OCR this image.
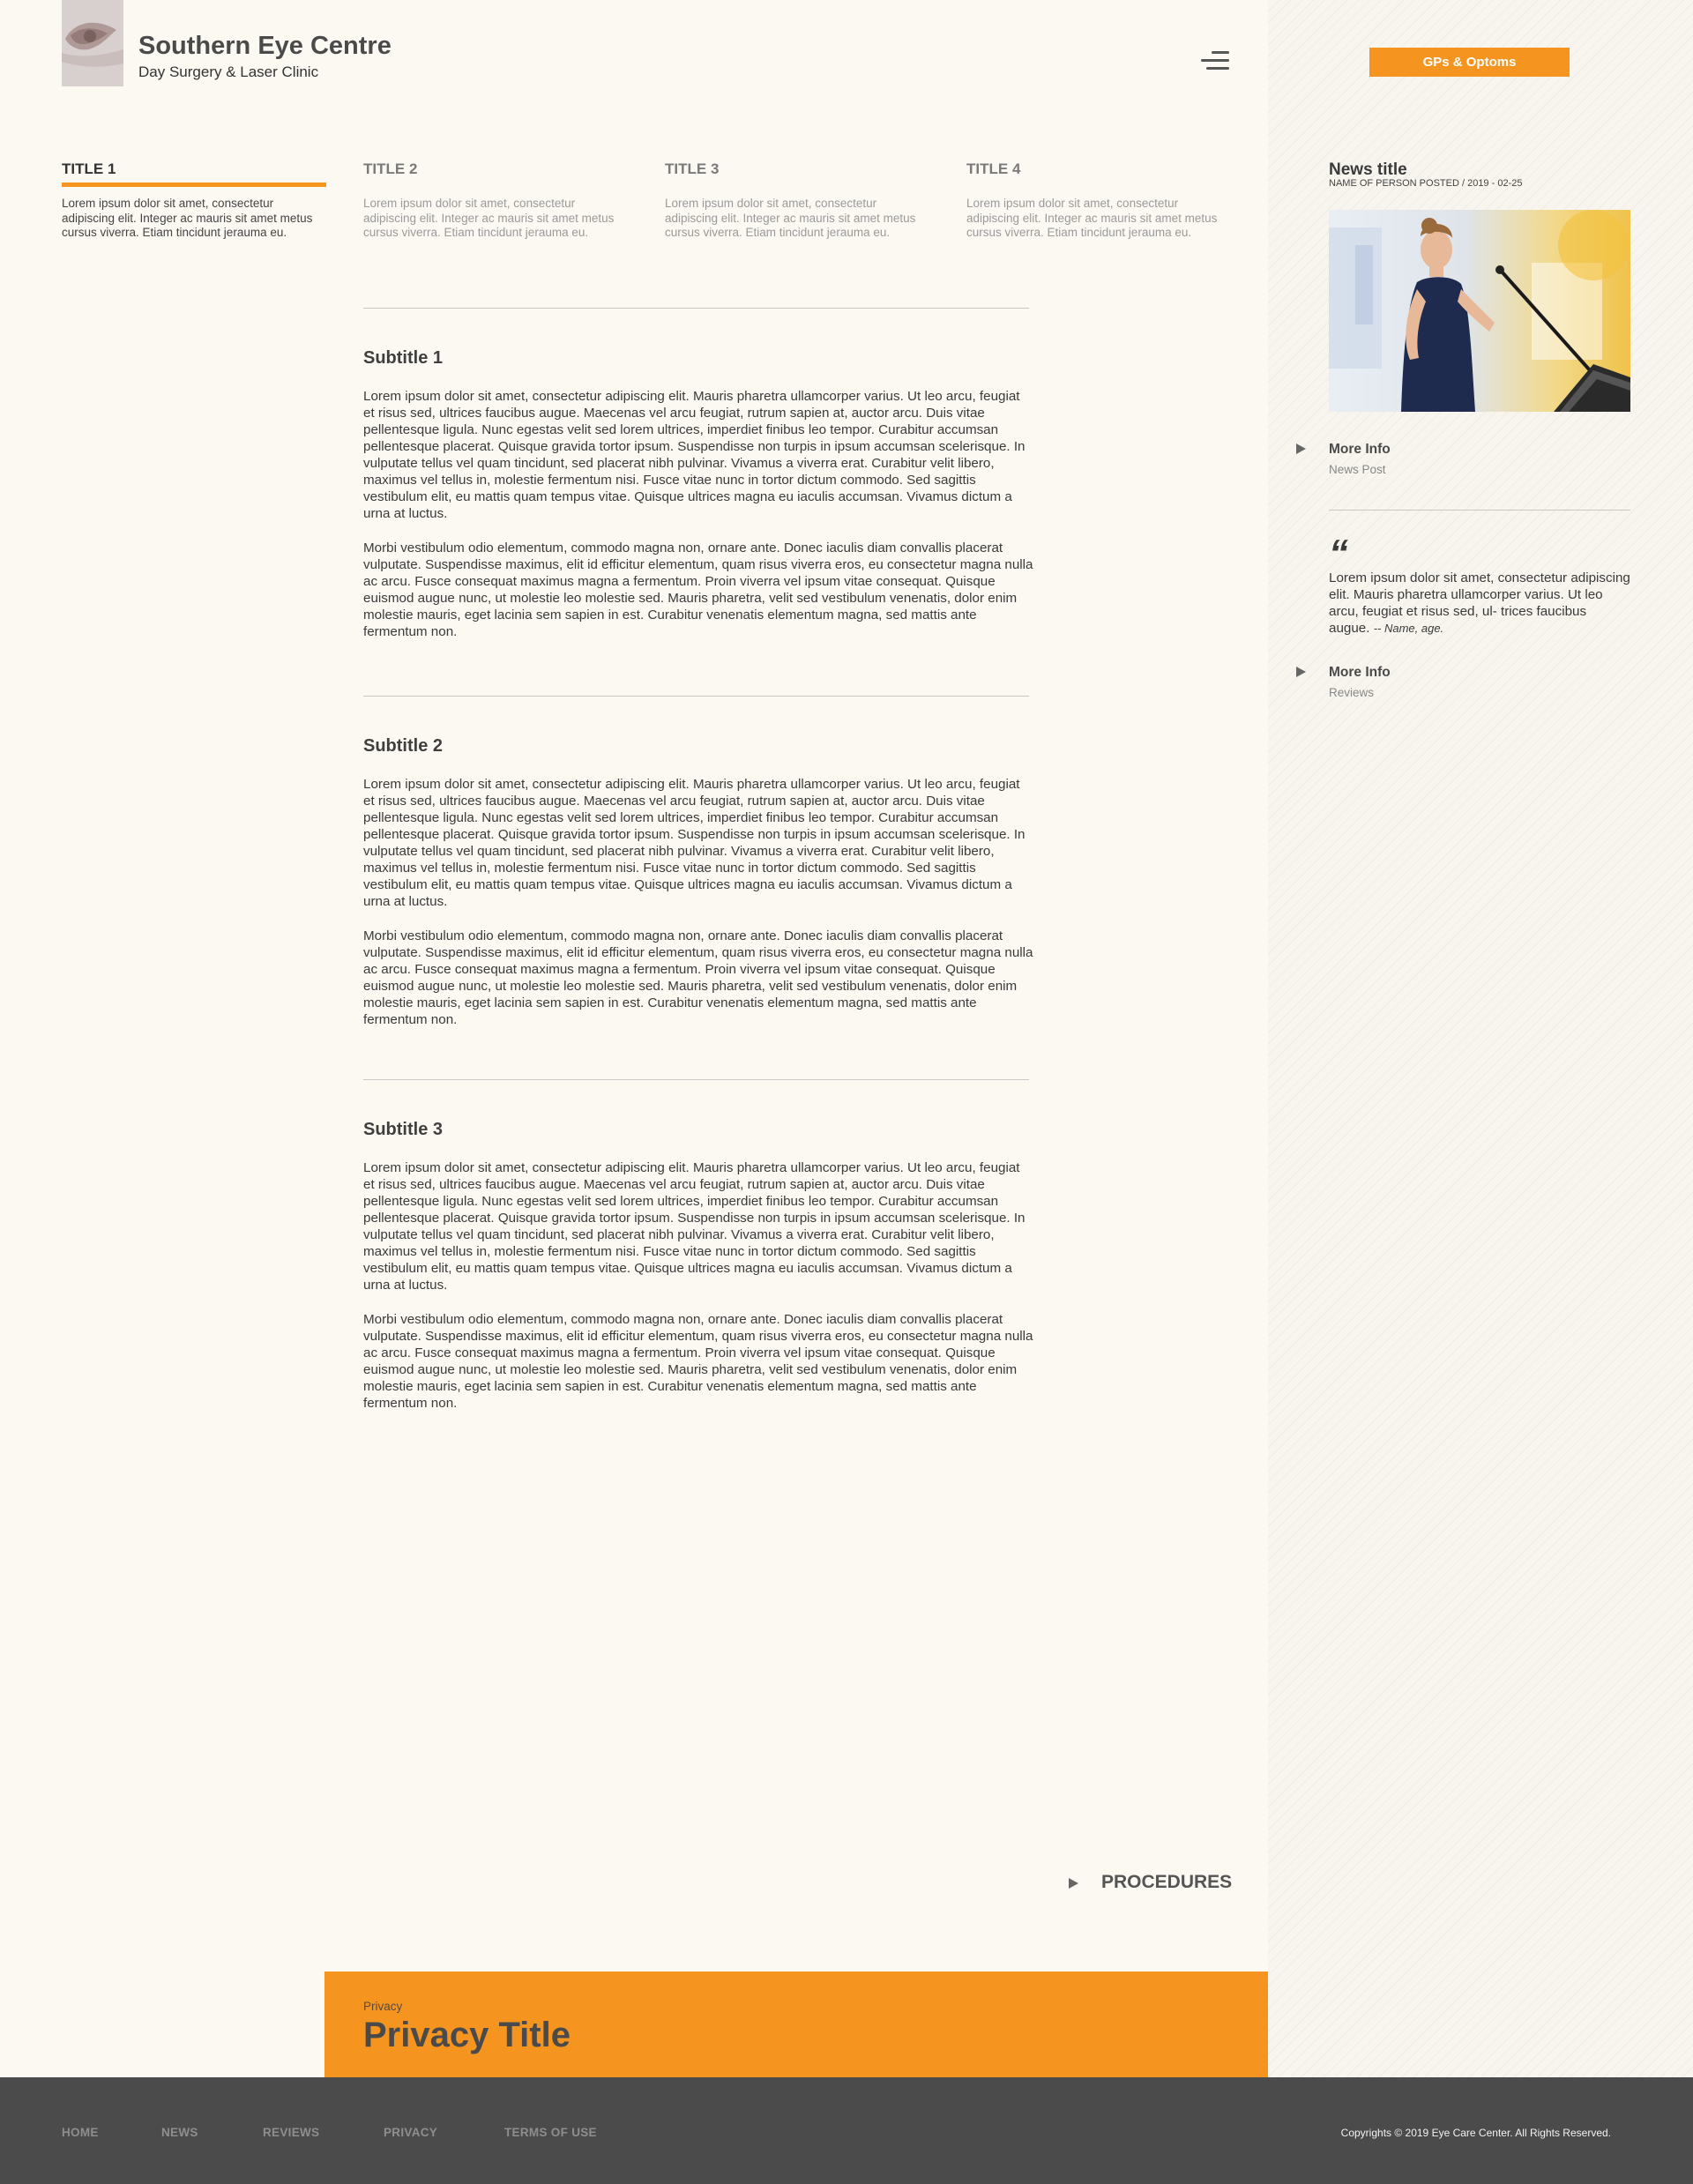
Southern Eye Centre
Day Surgery & Laser Clinic
GPs & Optoms
TITLE 1
Lorem ipsum dolor sit amet, consectetur adipiscing elit. Integer ac mauris sit amet metus cursus viverra. Etiam tincidunt jerauma eu.
TITLE 2
Lorem ipsum dolor sit amet, consectetur adipiscing elit. Integer ac mauris sit amet metus cursus viverra. Etiam tincidunt jerauma eu.
TITLE 3
Lorem ipsum dolor sit amet, consectetur adipiscing elit. Integer ac mauris sit amet metus cursus viverra. Etiam tincidunt jerauma eu.
TITLE 4
Lorem ipsum dolor sit amet, consectetur adipiscing elit. Integer ac mauris sit amet metus cursus viverra. Etiam tincidunt jerauma eu.
Subtitle 1
Lorem ipsum dolor sit amet, consectetur adipiscing elit. Mauris pharetra ullamcorper varius. Ut leo arcu, feugiat et risus sed, ultrices faucibus augue. Maecenas vel arcu feugiat, rutrum sapien at, auctor arcu. Duis vitae pellentesque ligula. Nunc egestas velit sed lorem ultrices, imperdiet finibus leo tempor. Curabitur accumsan pellentesque placerat. Quisque gravida tortor ipsum. Suspendisse non turpis in ipsum accumsan scelerisque. In vulputate tellus vel quam tincidunt, sed placerat nibh pulvinar. Vivamus a viverra erat. Curabitur velit libero, maximus vel tellus in, molestie fermentum nisi. Fusce vitae nunc in tortor dictum commodo. Sed sagittis vestibulum elit, eu mattis quam tempus vitae. Quisque ultrices magna eu iaculis accumsan. Vivamus dictum a urna at luctus.
Morbi vestibulum odio elementum, commodo magna non, ornare ante. Donec iaculis diam convallis placerat vulputate. Suspendisse maximus, elit id efficitur elementum, quam risus viverra eros, eu consectetur magna nulla ac arcu. Fusce consequat maximus magna a fermentum. Proin viverra vel ipsum vitae consequat. Quisque euismod augue nunc, ut molestie leo molestie sed. Mauris pharetra, velit sed vestibulum venenatis, dolor enim molestie mauris, eget lacinia sem sapien in est. Curabitur venenatis elementum magna, sed mattis ante fermentum non.
Subtitle 2
Lorem ipsum dolor sit amet, consectetur adipiscing elit. Mauris pharetra ullamcorper varius. Ut leo arcu, feugiat et risus sed, ultrices faucibus augue. Maecenas vel arcu feugiat, rutrum sapien at, auctor arcu. Duis vitae pellentesque ligula. Nunc egestas velit sed lorem ultrices, imperdiet finibus leo tempor. Curabitur accumsan pellentesque placerat. Quisque gravida tortor ipsum. Suspendisse non turpis in ipsum accumsan scelerisque. In vulputate tellus vel quam tincidunt, sed placerat nibh pulvinar. Vivamus a viverra erat. Curabitur velit libero, maximus vel tellus in, molestie fermentum nisi. Fusce vitae nunc in tortor dictum commodo. Sed sagittis vestibulum elit, eu mattis quam tempus vitae. Quisque ultrices magna eu iaculis accumsan. Vivamus dictum a urna at luctus.
Morbi vestibulum odio elementum, commodo magna non, ornare ante. Donec iaculis diam convallis placerat vulputate. Suspendisse maximus, elit id efficitur elementum, quam risus viverra eros, eu consectetur magna nulla ac arcu. Fusce consequat maximus magna a fermentum. Proin viverra vel ipsum vitae consequat. Quisque euismod augue nunc, ut molestie leo molestie sed. Mauris pharetra, velit sed vestibulum venenatis, dolor enim molestie mauris, eget lacinia sem sapien in est. Curabitur venenatis elementum magna, sed mattis ante fermentum non.
Subtitle 3
Lorem ipsum dolor sit amet, consectetur adipiscing elit. Mauris pharetra ullamcorper varius. Ut leo arcu, feugiat et risus sed, ultrices faucibus augue. Maecenas vel arcu feugiat, rutrum sapien at, auctor arcu. Duis vitae pellentesque ligula. Nunc egestas velit sed lorem ultrices, imperdiet finibus leo tempor. Curabitur accumsan pellentesque placerat. Quisque gravida tortor ipsum. Suspendisse non turpis in ipsum accumsan scelerisque. In vulputate tellus vel quam tincidunt, sed placerat nibh pulvinar. Vivamus a viverra erat. Curabitur velit libero, maximus vel tellus in, molestie fermentum nisi. Fusce vitae nunc in tortor dictum commodo. Sed sagittis vestibulum elit, eu mattis quam tempus vitae. Quisque ultrices magna eu iaculis accumsan. Vivamus dictum a urna at luctus.
Morbi vestibulum odio elementum, commodo magna non, ornare ante. Donec iaculis diam convallis placerat vulputate. Suspendisse maximus, elit id efficitur elementum, quam risus viverra eros, eu consectetur magna nulla ac arcu. Fusce consequat maximus magna a fermentum. Proin viverra vel ipsum vitae consequat. Quisque euismod augue nunc, ut molestie leo molestie sed. Mauris pharetra, velit sed vestibulum venenatis, dolor enim molestie mauris, eget lacinia sem sapien in est. Curabitur venenatis elementum magna, sed mattis ante fermentum non.
News title
NAME OF PERSON POSTED / 2019 - 02-25
More Info
News Post
“
Lorem ipsum dolor sit amet, consectetur adipiscing elit. Mauris pharetra ullamcorper varius. Ut leo arcu, feugiat et risus sed, ul- trices faucibus augue. -- Name, age.
More Info
Reviews
PROCEDURES
Privacy
Privacy Title
HOME	NEWS	REVIEWS	PRIVACY	TERMS OF USE	Copyrights © 2019 Eye Care Center. All Rights Reserved.
